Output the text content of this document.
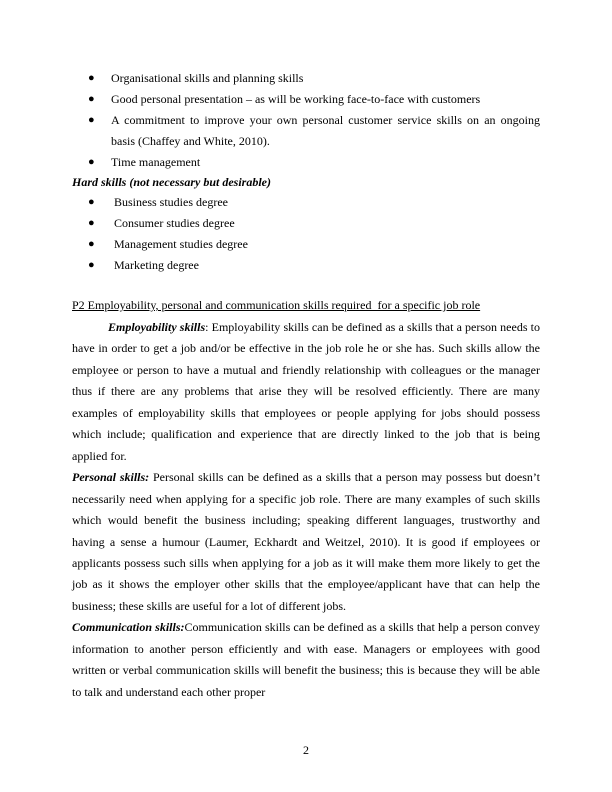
● Organisational skills and planning skills
● Good personal presentation – as will be working face-to-face with customers
● A commitment to improve your own personal customer service skills on an ongoing basis (Chaffey and White, 2010).
● Time management
Hard skills (not necessary but desirable)
● Business studies degree
● Consumer studies degree
● Management studies degree
● Marketing degree
P2 Employability, personal and communication skills required  for a specific job role

Employability skills: Employability skills can be defined as a skills that a person needs to have in order to get a job and/or be effective in the job role he or she has. Such skills allow the employee or person to have a mutual and friendly relationship with colleagues or the manager thus if there are any problems that arise they will be resolved efficiently. There are many examples of employability skills that employees or people applying for jobs should possess which include; qualification and experience that are directly linked to the job that is being applied for.

Personal skills: Personal skills can be defined as a skills that a person may possess but doesn’t necessarily need when applying for a specific job role. There are many examples of such skills which would benefit the business including; speaking different languages, trustworthy and having a sense a humour (Laumer, Eckhardt and Weitzel, 2010). It is good if employees or applicants possess such sills when applying for a job as it will make them more likely to get the job as it shows the employer other skills that the employee/applicant have that can help the business; these skills are useful for a lot of different jobs.

Communication skills:Communication skills can be defined as a skills that help a person convey information to another person efficiently and with ease. Managers or employees with good written or verbal communication skills will benefit the business; this is because they will be able to talk and understand each other proper

2
